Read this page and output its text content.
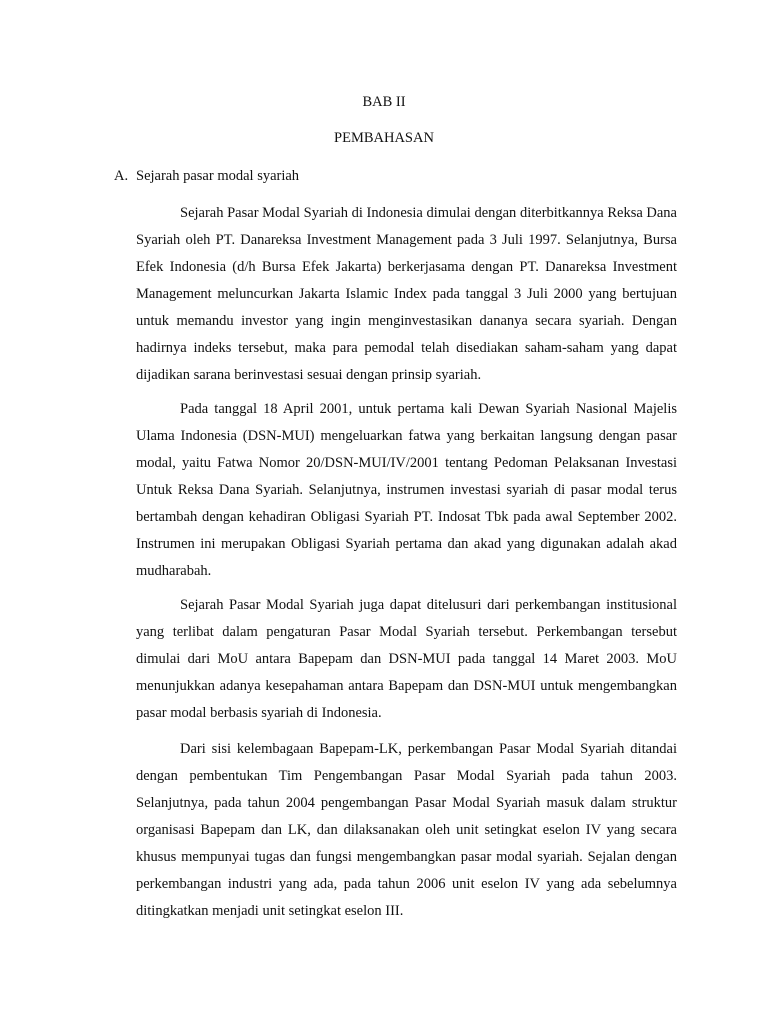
BAB II
PEMBAHASAN
A. Sejarah pasar modal syariah

Sejarah Pasar Modal Syariah di Indonesia dimulai dengan diterbitkannya Reksa Dana Syariah oleh PT. Danareksa Investment Management pada 3 Juli 1997. Selanjutnya, Bursa Efek Indonesia (d/h Bursa Efek Jakarta) berkerjasama dengan PT. Danareksa Investment Management meluncurkan Jakarta Islamic Index pada tanggal 3 Juli 2000 yang bertujuan untuk memandu investor yang ingin menginvestasikan dananya secara syariah. Dengan hadirnya indeks tersebut, maka para pemodal telah disediakan saham-saham yang dapat dijadikan sarana berinvestasi sesuai dengan prinsip syariah.

Pada tanggal 18 April 2001, untuk pertama kali Dewan Syariah Nasional Majelis Ulama Indonesia (DSN-MUI) mengeluarkan fatwa yang berkaitan langsung dengan pasar modal, yaitu Fatwa Nomor 20/DSN-MUI/IV/2001 tentang Pedoman Pelaksanan Investasi Untuk Reksa Dana Syariah. Selanjutnya, instrumen investasi syariah di pasar modal terus bertambah dengan kehadiran Obligasi Syariah PT. Indosat Tbk pada awal September 2002. Instrumen ini merupakan Obligasi Syariah pertama dan akad yang digunakan adalah akad mudharabah.

Sejarah Pasar Modal Syariah juga dapat ditelusuri dari perkembangan institusional yang terlibat dalam pengaturan Pasar Modal Syariah tersebut. Perkembangan tersebut dimulai dari MoU antara Bapepam dan DSN-MUI pada tanggal 14 Maret 2003. MoU menunjukkan adanya kesepahaman antara Bapepam dan DSN-MUI untuk mengembangkan pasar modal berbasis syariah di Indonesia.

Dari sisi kelembagaan Bapepam-LK, perkembangan Pasar Modal Syariah ditandai dengan pembentukan Tim Pengembangan Pasar Modal Syariah pada tahun 2003. Selanjutnya, pada tahun 2004 pengembangan Pasar Modal Syariah masuk dalam struktur organisasi Bapepam dan LK, dan dilaksanakan oleh unit setingkat eselon IV yang secara khusus mempunyai tugas dan fungsi mengembangkan pasar modal syariah. Sejalan dengan perkembangan industri yang ada, pada tahun 2006 unit eselon IV yang ada sebelumnya ditingkatkan menjadi unit setingkat eselon III.
